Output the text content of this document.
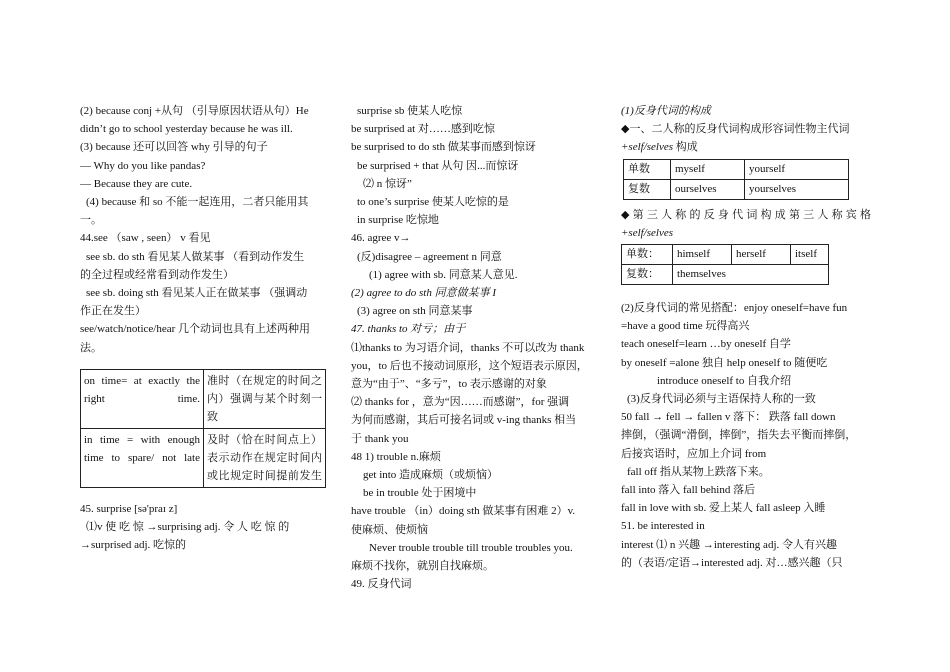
(2) because conj +从句 （引导原因状语从句）He

didn’t go to school yesterday because he was ill.

(3) because 还可以回答 why 引导的句子

— Why do you like pandas?

— Because they are cute.

(4) because 和 so 不能一起连用，二者只能用其

一。

44.see （saw , seen） v 看见

see sb. do sth 看见某人做某事 （看到动作发生

的全过程或经常看到动作发生）

see sb. doing sth 看见某人正在做某事 （强调动

作正在发生）

see/watch/notice/hear 几个动词也具有上述两种用

法。

on time= at exactly the right time.	准时（在规定的时间之内）强调与某个时刻一致
in time = with enough time to spare/ not late	及时（恰在时间点上）表示动作在规定时间内或比规定时间提前发生

45. surprise [sə'praɪ z]

⑴v 使 吃 惊 →surprising adj. 令 人 吃 惊 的

→surprised adj. 吃惊的

surprise sb 使某人吃惊

be surprised at 对……感到吃惊

be surprised to do sth 做某事而感到惊讶

be surprised + that 从句 因...而惊讶

⑵ n 惊讶”

to one’s surprise 使某人吃惊的是

in surprise 吃惊地

46. agree v→

(反)disagree – agreement n 同意

(1) agree with sb. 同意某人意见.

(2) agree to do sth 同意做某事 I

(3) agree on sth 同意某事

47. thanks to 对亏；由于

⑴thanks to 为习语介词，thanks 不可以改为 thank

you，to 后也不接动词原形，这个短语表示原因，

意为“由于”、“多亏”，to 表示感谢的对象

⑵ thanks for ，意为“因……而感谢”，for 强调

为何而感谢，其后可接名词或 v-ing thanks 相当

于 thank you

48 1) trouble n.麻烦

get into 造成麻烦（或烦恼）

be in trouble 处于困境中

have trouble （in）doing sth 做某事有困难 2）v.

使麻烦、使烦恼

Never trouble trouble till trouble troubles you.

麻烦不找你，就别自找麻烦。

49. 反身代词

(1)反身代词的构成

◆一、二人称的反身代词构成形容词性物主代词

+self/selves 构成

单数	myself	yourself
复数	ourselves	yourselves

◆ 第 三 人 称 的 反 身 代 词 构 成 第 三 人 称 宾 格

+self/selves

单数：	himself	herself	itself
复数：	themselves		

(2)反身代词的常见搭配：enjoy oneself=have fun

=have a good time 玩得高兴

teach oneself=learn …by oneself 自学

by oneself =alone 独自 help oneself to 随便吃

introduce oneself to 自我介绍

(3)反身代词必须与主语保持人称的一致

50 fall → fell → fallen v 落下： 跌落 fall down

摔倒，（强调“滑倒，摔倒”，指失去平衡而摔倒，

后接宾语时，应加上介词 from

fall off 指从某物上跌落下来。

fall into 落入 fall behind 落后

fall in love with sb. 爱上某人 fall asleep 入睡

51. be interested in

interest ⑴ n 兴趣 →interesting adj. 令人有兴趣

的（表语/定语→interested adj. 对…感兴趣（只
